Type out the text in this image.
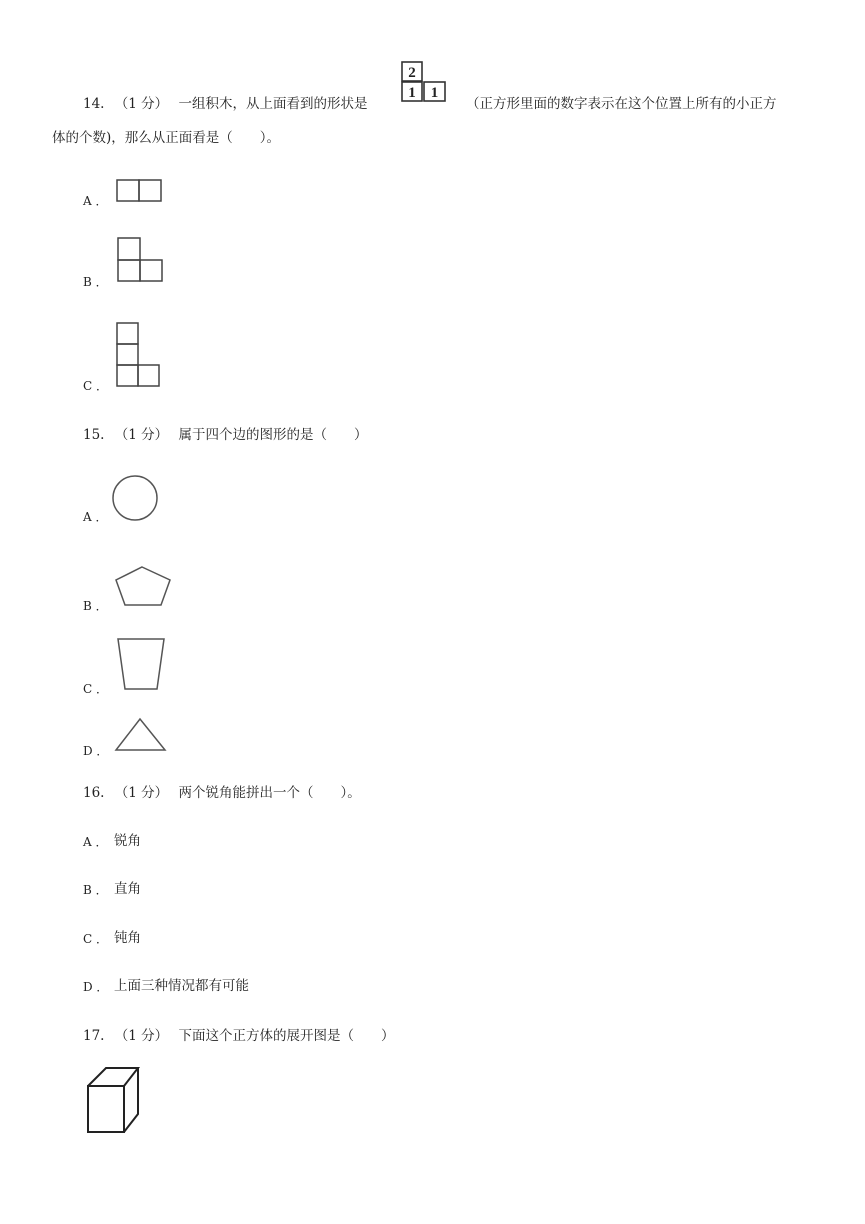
14. （1 分） 一组积木，从上面看到的形状是
2
1 1
（正方形里面的数字表示在这个位置上所有的小正方
体的个数)，那么从正面看是（　　）。
A ．
B ．
C ．
15. （1 分） 属于四个边的图形的是（　　）
A ．
B ．
C ．
D ．
16. （1 分） 两个锐角能拼出一个（　　）。
A ． 锐角
B ． 直角
C ． 钝角
D ． 上面三种情况都有可能
17. （1 分） 下面这个正方体的展开图是（　　）
